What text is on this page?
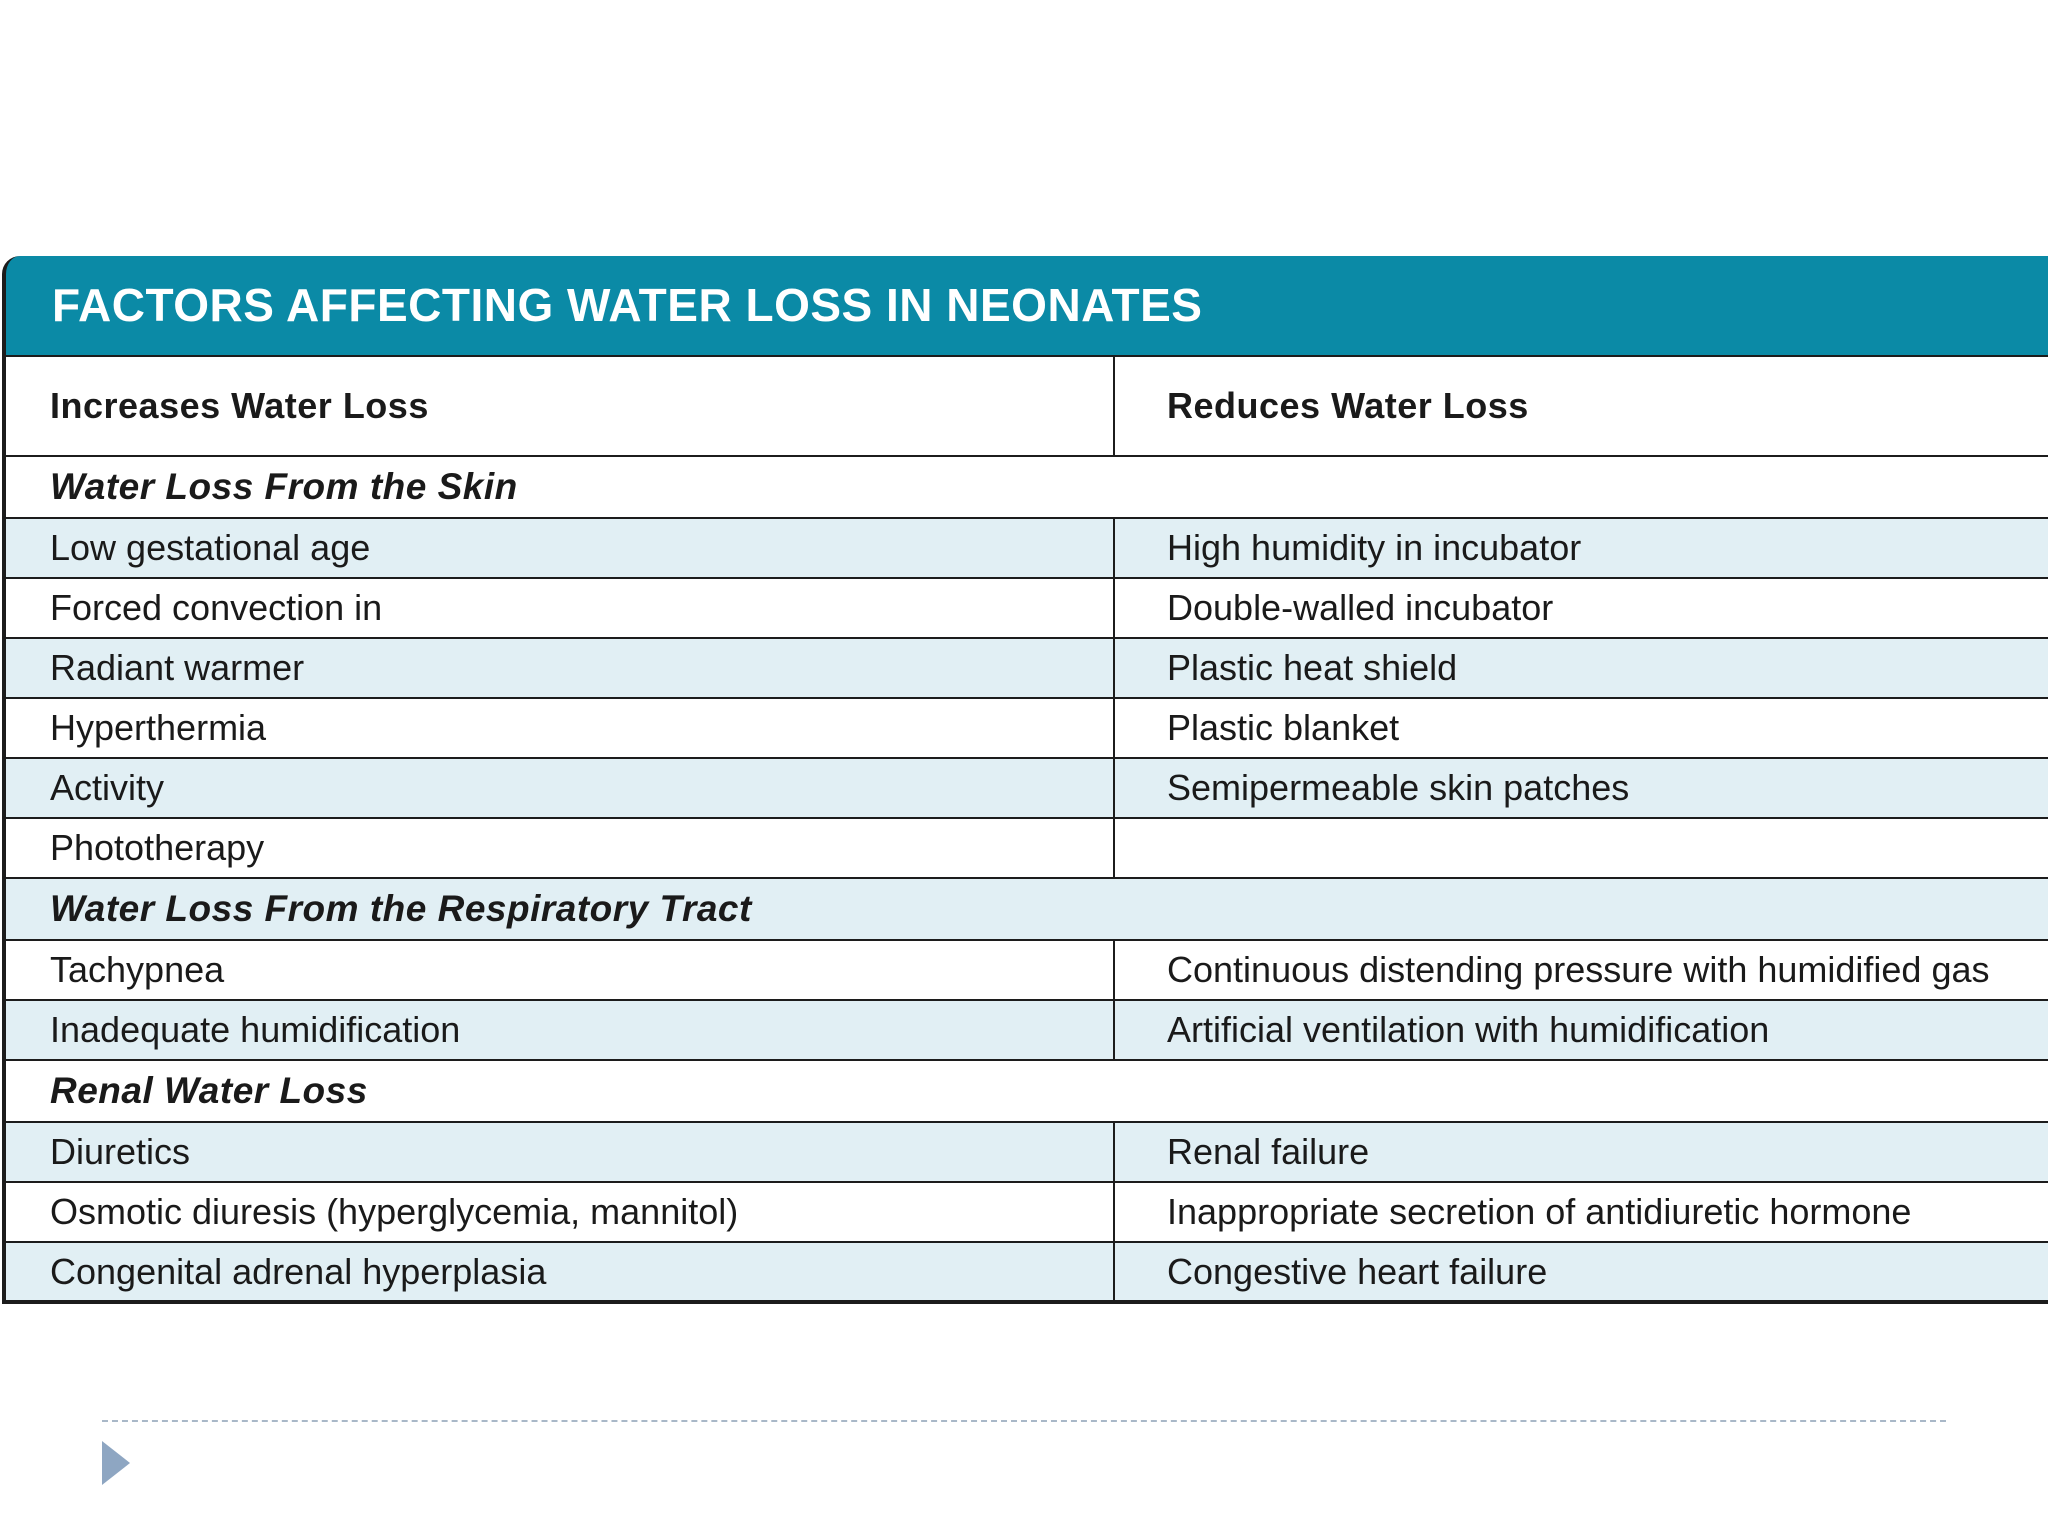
FACTORS AFFECTING WATER LOSS IN NEONATES
Increases Water Loss	Reduces Water Loss
Water Loss From the Skin	
Low gestational age	High humidity in incubator
Forced convection in	Double-walled incubator
Radiant warmer	Plastic heat shield
Hyperthermia	Plastic blanket
Activity	Semipermeable skin patches
Phototherapy	
Water Loss From the Respiratory Tract	
Tachypnea	Continuous distending pressure with humidified gas
Inadequate humidification	Artificial ventilation with humidification
Renal Water Loss	
Diuretics	Renal failure
Osmotic diuresis (hyperglycemia, mannitol)	Inappropriate secretion of antidiuretic hormone
Congenital adrenal hyperplasia	Congestive heart failure
